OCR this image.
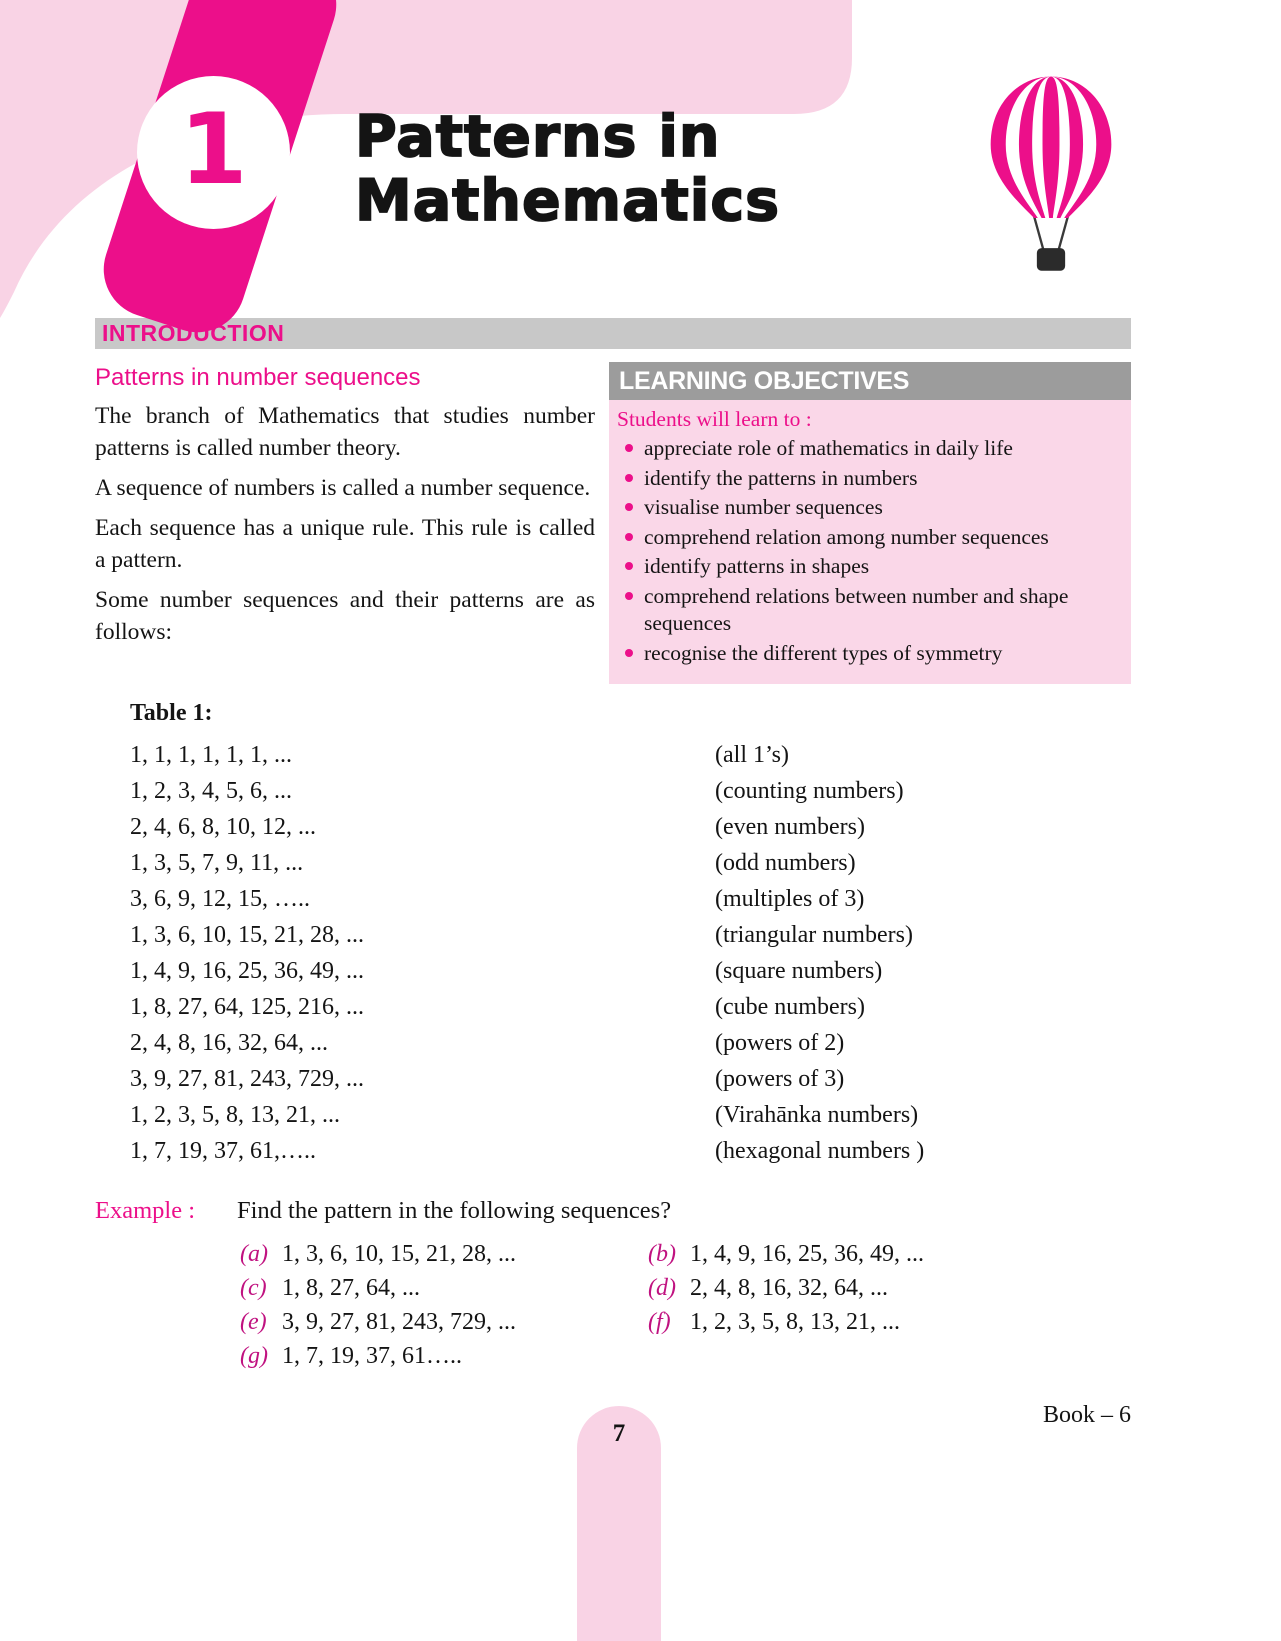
1 Patterns in
Mathematics
INTRODUCTION
Patterns in number sequences

The branch of Mathematics that studies number patterns is called number theory.

A sequence of numbers is called a number sequence.

Each sequence has a unique rule. This rule is called a pattern.

Some number sequences and their patterns are as follows:

LEARNING OBJECTIVES

Students will learn to :

appreciate role of mathematics in daily life
identify the patterns in numbers
visualise number sequences
comprehend relation among number sequences
identify patterns in shapes
comprehend relations between number and shape sequences
recognise the different types of symmetry
Table 1:
1, 1, 1, 1, 1, 1, ...	(all 1’s)
1, 2, 3, 4, 5, 6, ...	(counting numbers)
2, 4, 6, 8, 10, 12, ...	(even numbers)
1, 3, 5, 7, 9, 11, ...	(odd numbers)
3, 6, 9, 12, 15, …..	(multiples of 3)
1, 3, 6, 10, 15, 21, 28, ...	(triangular numbers)
1, 4, 9, 16, 25, 36, 49, ...	(square numbers)
1, 8, 27, 64, 125, 216, ...	(cube numbers)
2, 4, 8, 16, 32, 64, ...	(powers of 2)
3, 9, 27, 81, 243, 729, ...	(powers of 3)
1, 2, 3, 5, 8, 13, 21, ...	(Virahānka numbers)
1, 7, 19, 37, 61,…..	(hexagonal numbers )
Example :	Find the pattern in the following sequences?
(a) 1, 3, 6, 10, 15, 21, 28, ...	(b) 1, 4, 9, 16, 25, 36, 49, ...
(c) 1, 8, 27, 64, ...	(d) 2, 4, 8, 16, 32, 64, ...
(e) 3, 9, 27, 81, 243, 729, ...	(f) 1, 2, 3, 5, 8, 13, 21, ...
(g) 1, 7, 19, 37, 61…..
7
Book – 6
